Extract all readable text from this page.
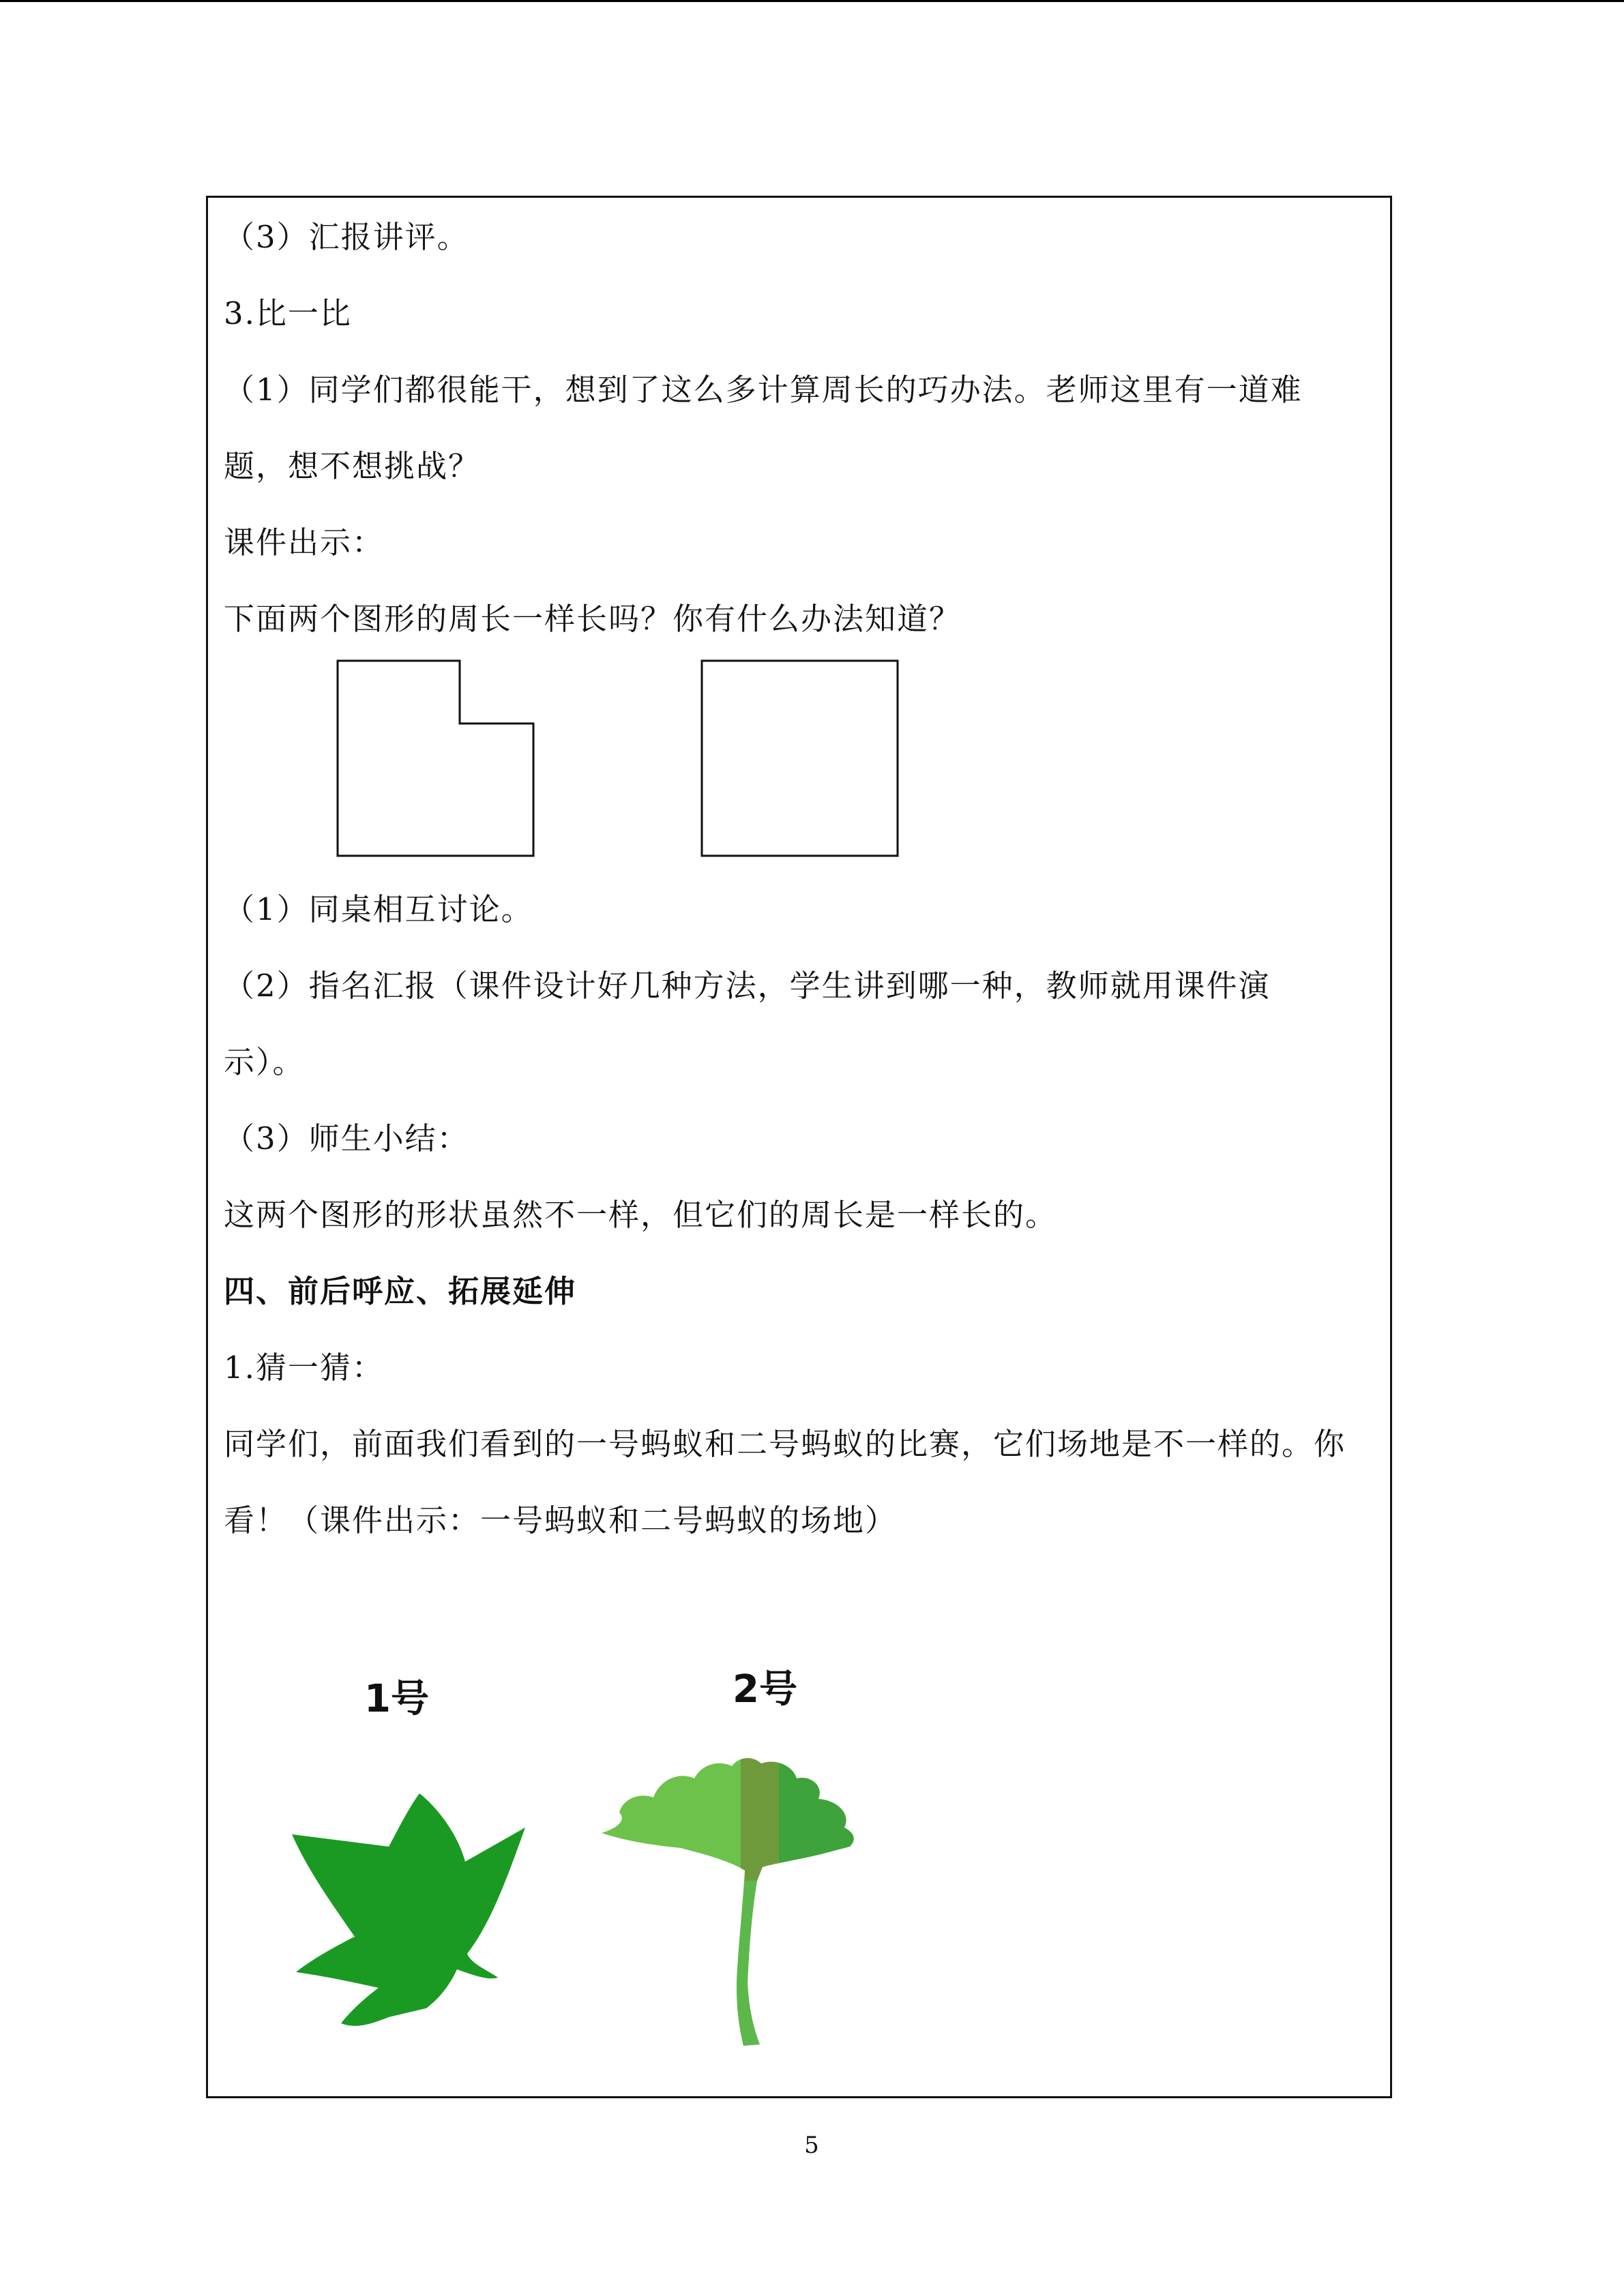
（3）汇报讲评。
3.比一比
（1）同学们都很能干，想到了这么多计算周长的巧办法。老师这里有一道难
题，想不想挑战？
课件出示：
下面两个图形的周长一样长吗？你有什么办法知道？
（1）同桌相互讨论。
（2）指名汇报（课件设计好几种方法，学生讲到哪一种，教师就用课件演
示）。
（3）师生小结：
这两个图形的形状虽然不一样，但它们的周长是一样长的。
四、前后呼应、拓展延伸
1.猜一猜：
同学们，前面我们看到的一号蚂蚁和二号蚂蚁的比赛，它们场地是不一样的。你
看！（课件出示：一号蚂蚁和二号蚂蚁的场地）
1号	2号
5
